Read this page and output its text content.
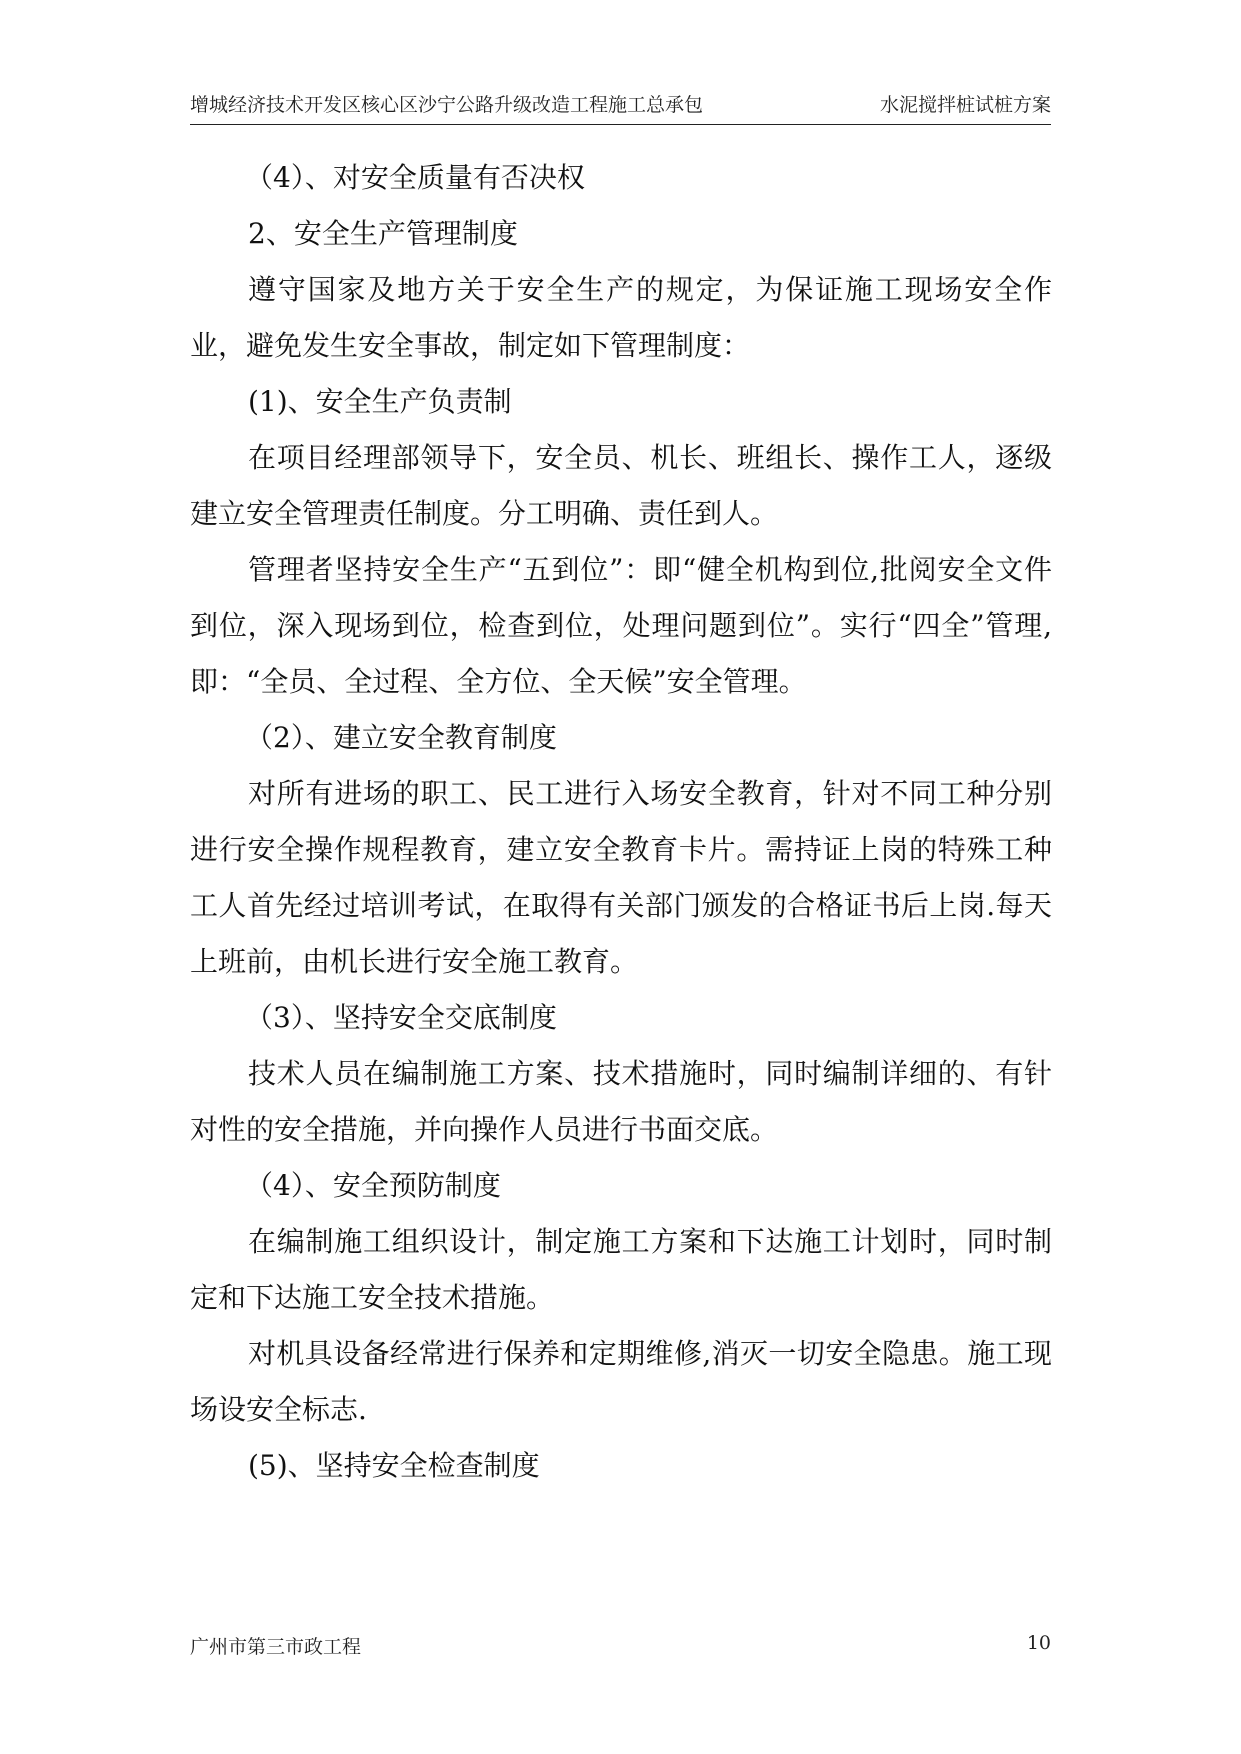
增城经济技术开发区核心区沙宁公路升级改造工程施工总承包	水泥搅拌桩试桩方案

（4）、对安全质量有否决权

2、安全生产管理制度

遵守国家及地方关于安全生产的规定，为保证施工现场安全作业，避免发生安全事故，制定如下管理制度：

(1)、安全生产负责制

在项目经理部领导下，安全员、机长、班组长、操作工人，逐级建立安全管理责任制度。分工明确、责任到人。

管理者坚持安全生产“五到位”：即“健全机构到位,批阅安全文件到位，深入现场到位，检查到位，处理问题到位”。实行“四全”管理,即：“全员、全过程、全方位、全天候”安全管理。

（2）、建立安全教育制度

对所有进场的职工、民工进行入场安全教育，针对不同工种分别进行安全操作规程教育，建立安全教育卡片。需持证上岗的特殊工种工人首先经过培训考试，在取得有关部门颁发的合格证书后上岗.每天上班前，由机长进行安全施工教育。

（3）、坚持安全交底制度

技术人员在编制施工方案、技术措施时，同时编制详细的、有针对性的安全措施，并向操作人员进行书面交底。

（4）、安全预防制度

在编制施工组织设计，制定施工方案和下达施工计划时，同时制定和下达施工安全技术措施。

对机具设备经常进行保养和定期维修,消灭一切安全隐患。施工现场设安全标志.

(5)、坚持安全检查制度

广州市第三市政工程	10
